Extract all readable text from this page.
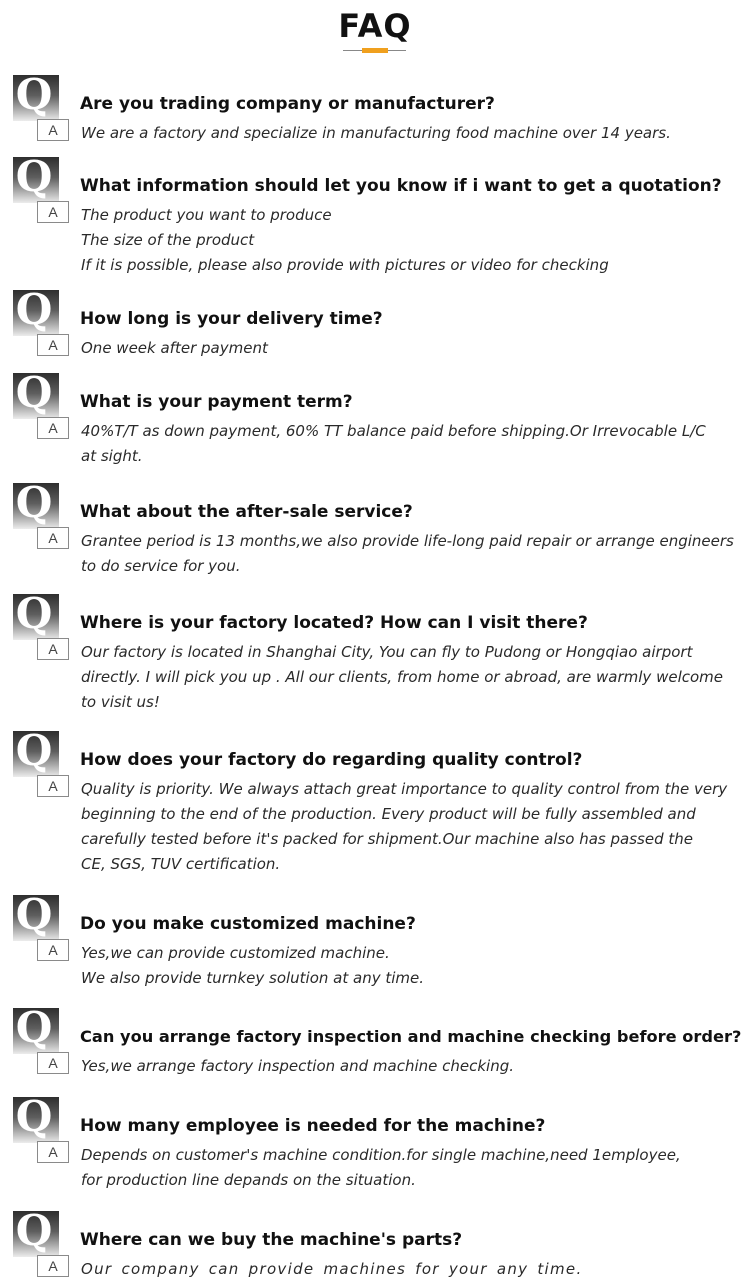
FAQ
Q
A
Are you trading company or manufacturer?
We are a factory and specialize in manufacturing food machine over 14 years.
Q
A
What information should let you know if i want to get a quotation?
The product you want to produce
The size of the product
If it is possible, please also provide with pictures or video for checking
Q
A
How long is your delivery time?
One week after payment
Q
A
What is your payment term?
40%T/T as down payment, 60% TT balance paid before shipping.Or Irrevocable L/C
at sight.
Q
A
What about the after-sale service?
Grantee period is 13 months,we also provide life-long paid repair or arrange engineers
to do service for you.
Q
A
Where is your factory located? How can I visit there?
Our factory is located in Shanghai City, You can fly to Pudong or Hongqiao airport
directly. I will pick you up . All our clients, from home or abroad, are warmly welcome
to visit us!
Q
A
How does your factory do regarding quality control?
Quality is priority. We always attach great importance to quality control from the very
beginning to the end of the production. Every product will be fully assembled and
carefully tested before it's packed for shipment.Our machine also has passed the
CE, SGS, TUV certification.
Q
A
Do you make customized machine?
Yes,we can provide customized machine.
We also provide turnkey solution at any time.
Q
A
Can you arrange factory inspection and machine checking before order?
Yes,we arrange factory inspection and machine checking.
Q
A
How many employee is needed for the machine?
Depends on customer's machine condition.for single machine,need 1employee,
for production line depands on the situation.
Q
A
Where can we buy the machine's parts?
Our company can provide machines for your any time.
